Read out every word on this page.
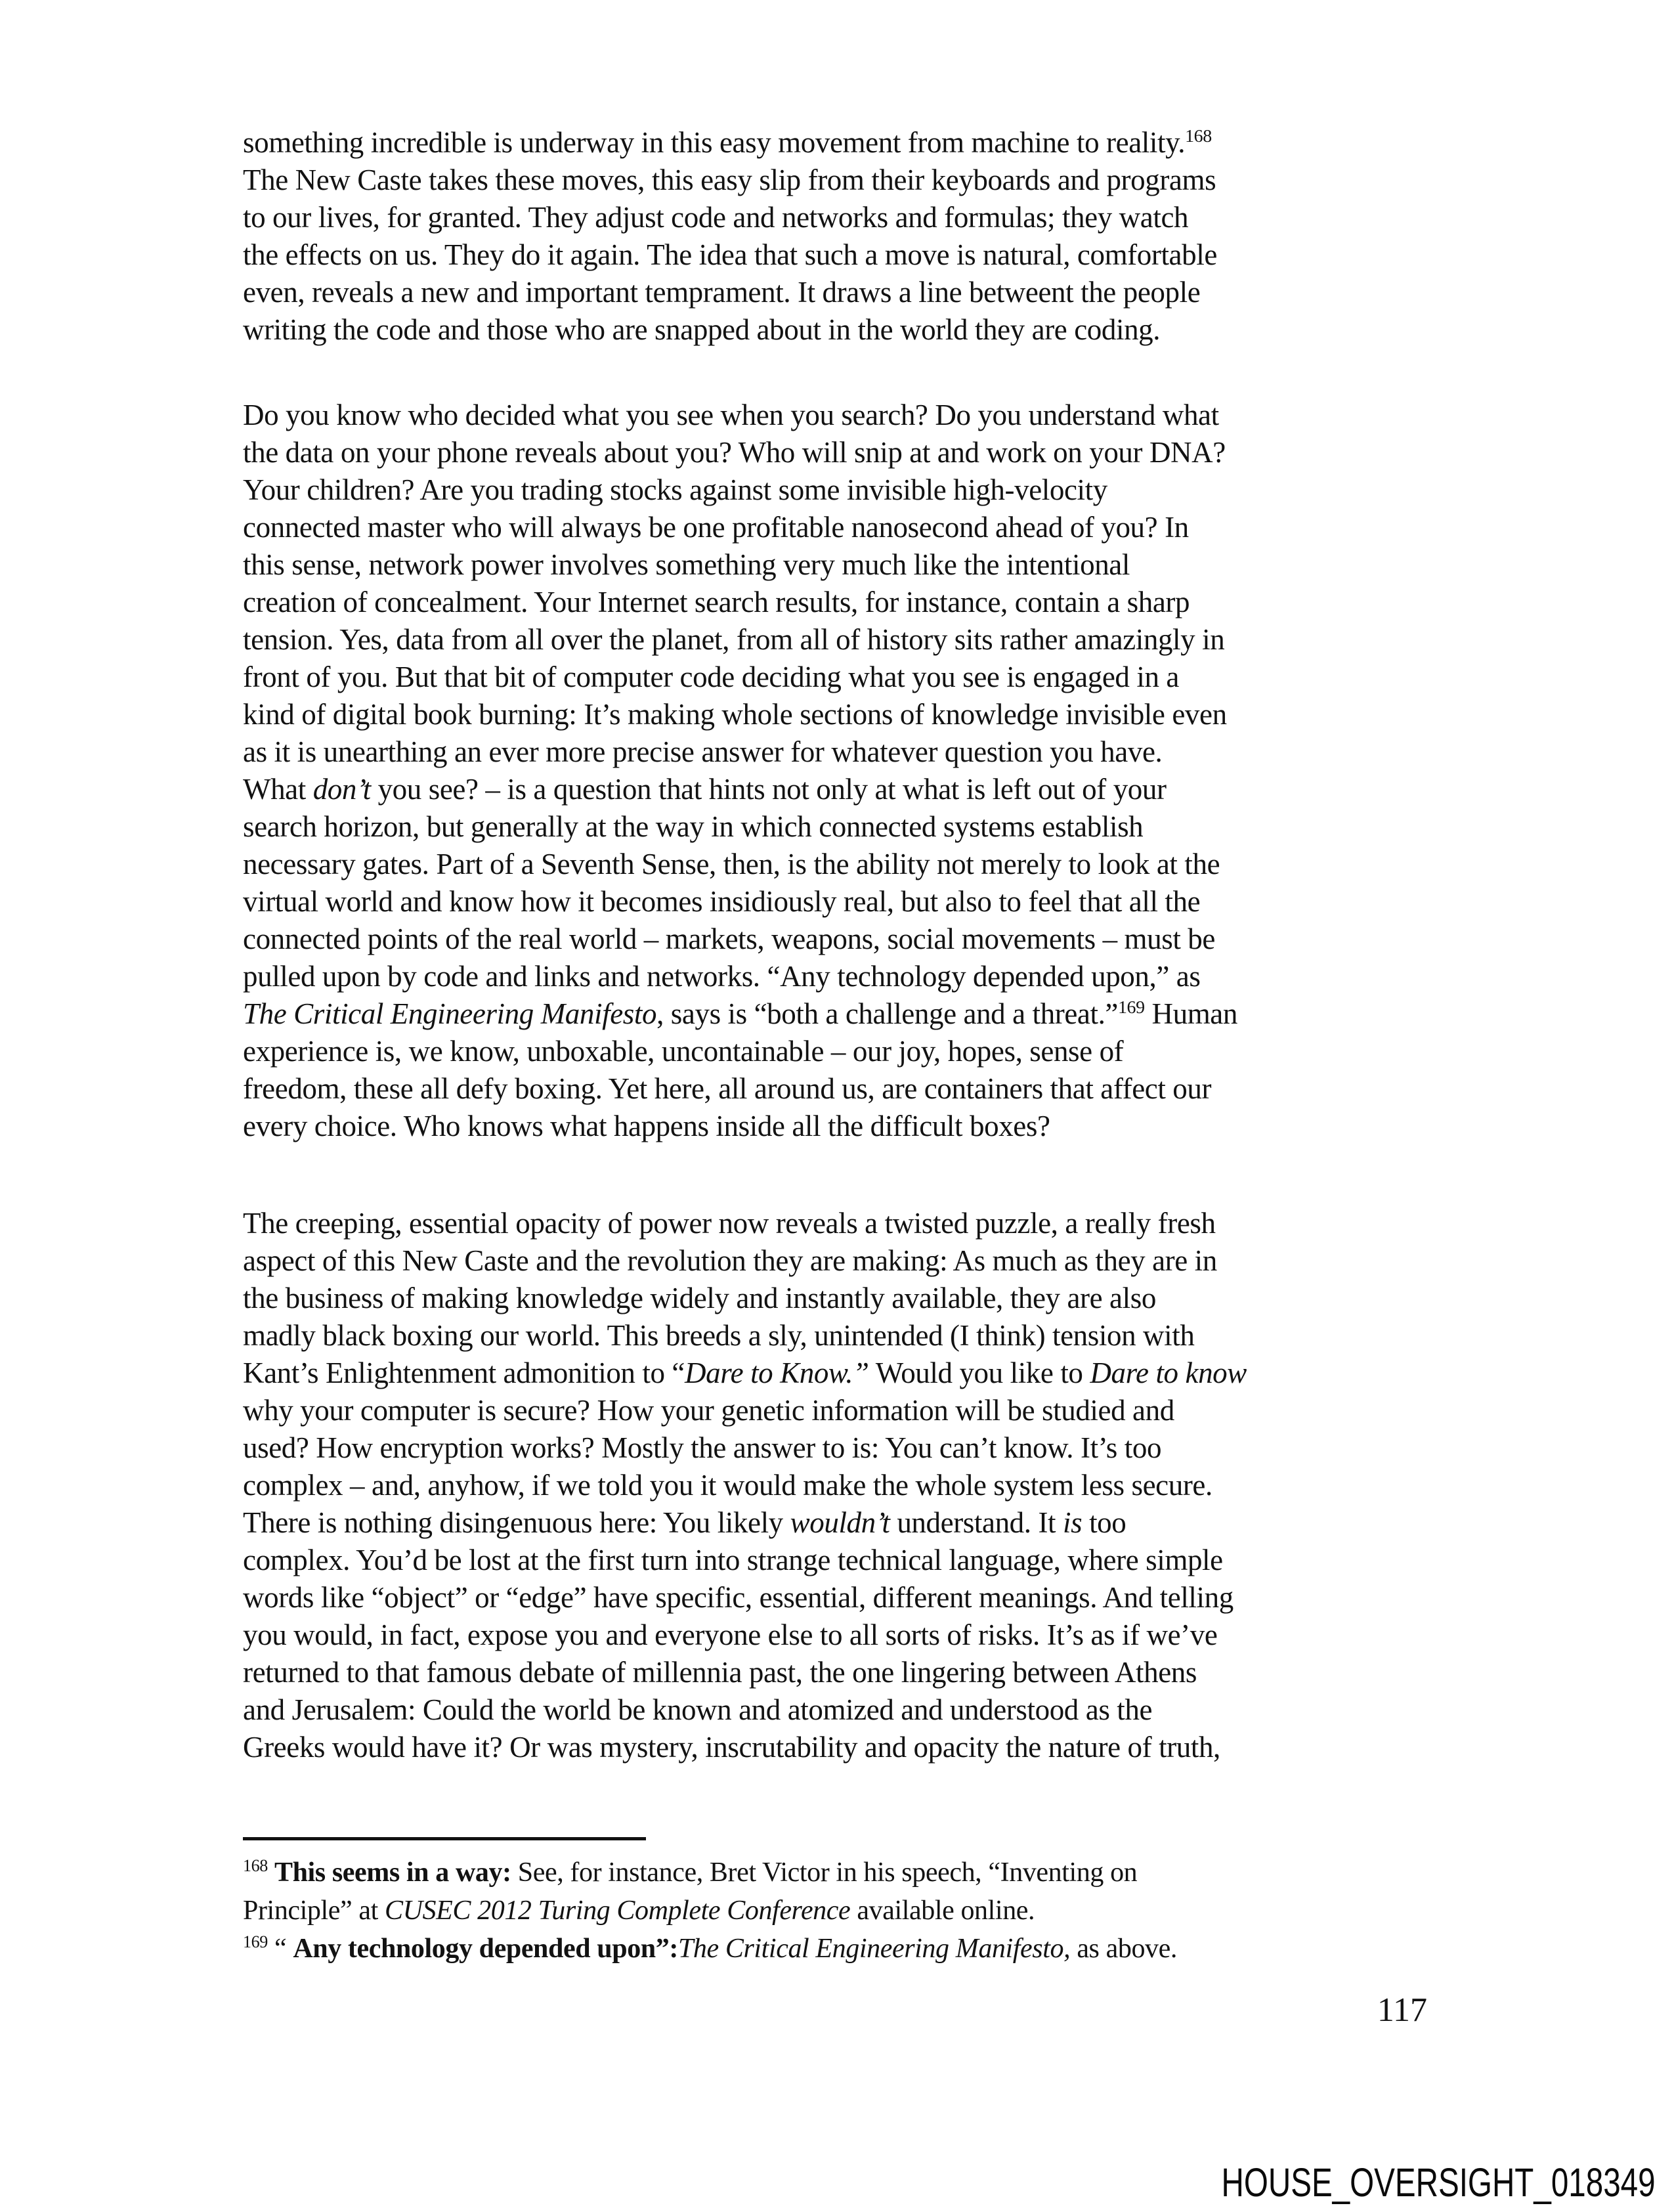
something incredible is underway in this easy movement from machine to reality.$^{168}$
The New Caste takes these moves, this easy slip from their keyboards and programs
to our lives, for granted. They adjust code and networks and formulas; they watch
the effects on us. They do it again. The idea that such a move is natural, comfortable
even, reveals a new and important temprament. It draws a line betweent the people
writing the code and those who are snapped about in the world they are coding.
Do you know who decided what you see when you search? Do you understand what
the data on your phone reveals about you? Who will snip at and work on your DNA?
Your children? Are you trading stocks against some invisible high-velocity
connected master who will always be one profitable nanosecond ahead of you? In
this sense, network power involves something very much like the intentional
creation of concealment. Your Internet search results, for instance, contain a sharp
tension. Yes, data from all over the planet, from all of history sits rather amazingly in
front of you. But that bit of computer code deciding what you see is engaged in a
kind of digital book burning: It’s making whole sections of knowledge invisible even
as it is unearthing an ever more precise answer for whatever question you have.
What don’t you see? – is a question that hints not only at what is left out of your
search horizon, but generally at the way in which connected systems establish
necessary gates. Part of a Seventh Sense, then, is the ability not merely to look at the
virtual world and know how it becomes insidiously real, but also to feel that all the
connected points of the real world – markets, weapons, social movements – must be
pulled upon by code and links and networks. “Any technology depended upon,” as
The Critical Engineering Manifesto, says is “both a challenge and a threat.”$^{169}$ Human
experience is, we know, unboxable, uncontainable – our joy, hopes, sense of
freedom, these all defy boxing. Yet here, all around us, are containers that affect our
every choice. Who knows what happens inside all the difficult boxes?
The creeping, essential opacity of power now reveals a twisted puzzle, a really fresh
aspect of this New Caste and the revolution they are making: As much as they are in
the business of making knowledge widely and instantly available, they are also
madly black boxing our world. This breeds a sly, unintended (I think) tension with
Kant’s Enlightenment admonition to “Dare to Know.” Would you like to Dare to know
why your computer is secure? How your genetic information will be studied and
used? How encryption works? Mostly the answer to is: You can’t know. It’s too
complex – and, anyhow, if we told you it would make the whole system less secure.
There is nothing disingenuous here: You likely wouldn’t understand. It is too
complex. You’d be lost at the first turn into strange technical language, where simple
words like “object” or “edge” have specific, essential, different meanings. And telling
you would, in fact, expose you and everyone else to all sorts of risks. It’s as if we’ve
returned to that famous debate of millennia past, the one lingering between Athens
and Jerusalem: Could the world be known and atomized and understood as the
Greeks would have it? Or was mystery, inscrutability and opacity the nature of truth,
$^{168}$ This seems in a way: See, for instance, Bret Victor in his speech, “Inventing on
Principle” at CUSEC 2012 Turing Complete Conference available online.
$^{169}$ “ Any technology depended upon”:The Critical Engineering Manifesto, as above.
117
HOUSE_OVERSIGHT_018349
